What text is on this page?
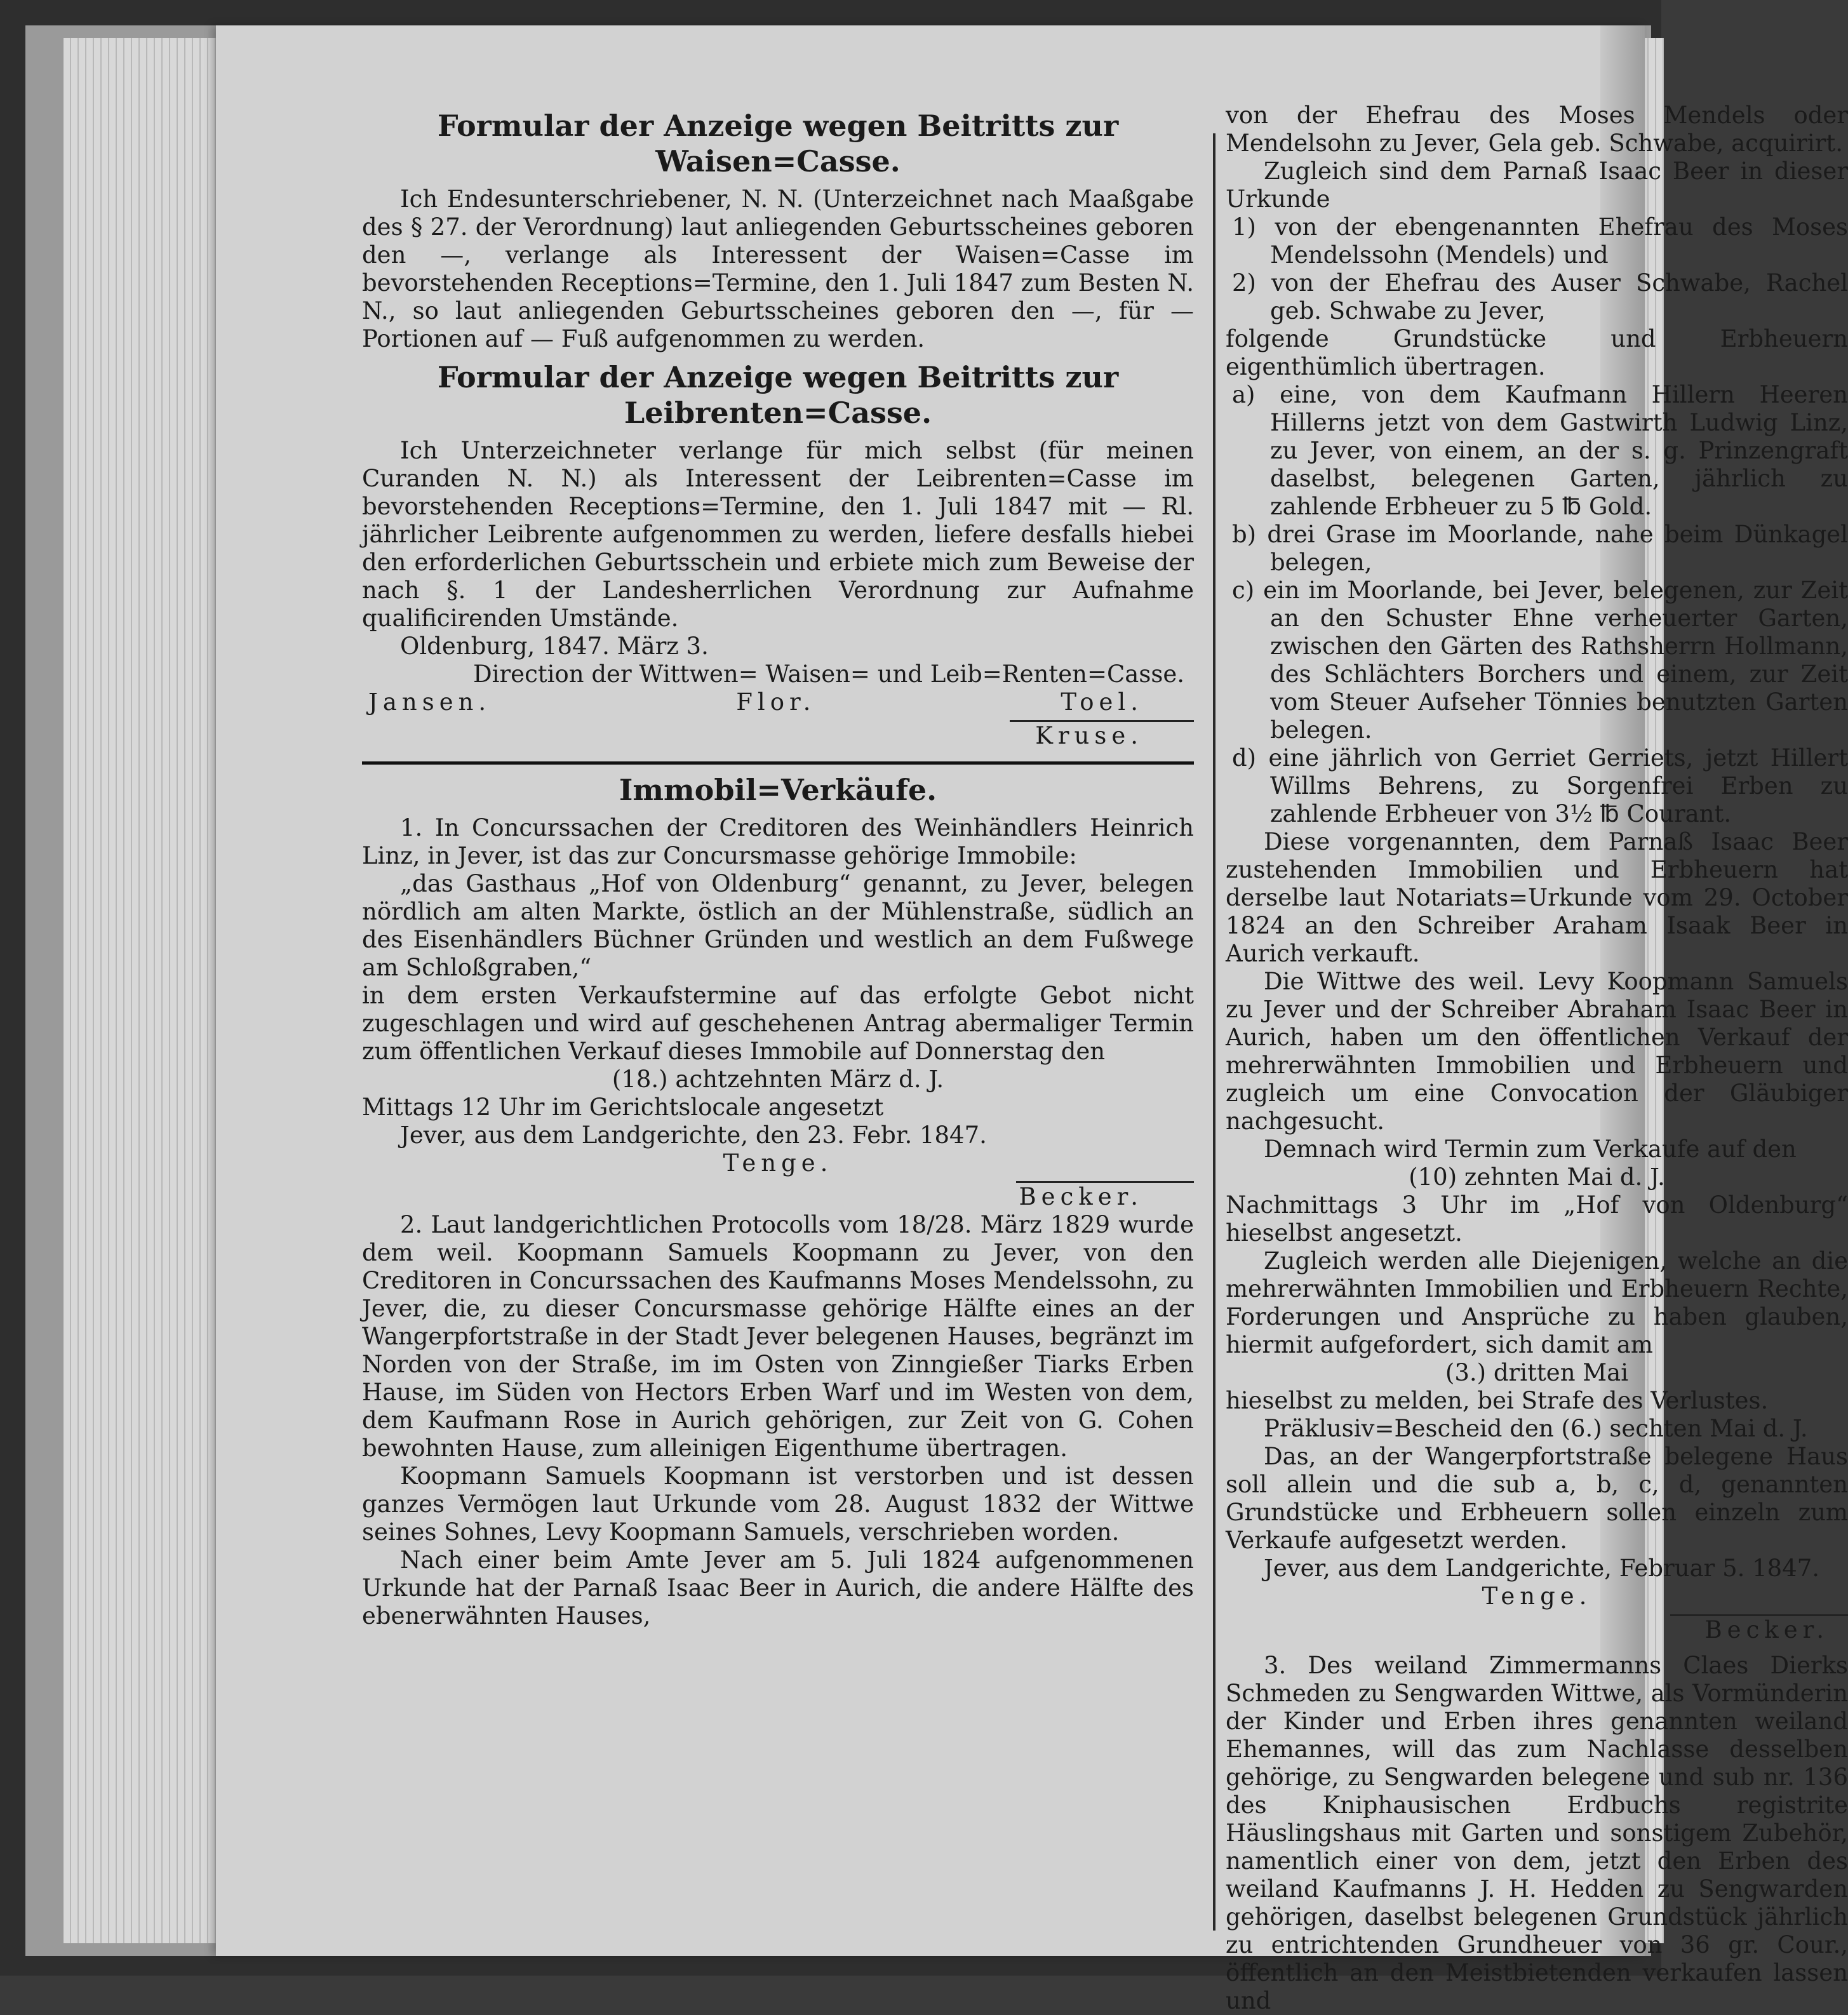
Formular der Anzeige wegen Beitritts zur Waisen=Casse.

Ich Endesunterschriebener, N. N. (Unterzeichnet nach Maaßgabe des § 27. der Verordnung) laut anliegenden Geburtsscheines geboren den —, verlange als Interessent der Waisen=Casse im bevorstehenden Receptions=Termine, den 1. Juli 1847 zum Besten N. N., so laut anliegenden Geburtsscheines geboren den —, für — Portionen auf — Fuß aufgenommen zu werden.

Formular der Anzeige wegen Beitritts zur Leibrenten=Casse.

Ich Unterzeichneter verlange für mich selbst (für meinen Curanden N. N.) als Interessent der Leibrenten=Casse im bevorstehenden Receptions=Termine, den 1. Juli 1847 mit — Rl. jährlicher Leibrente aufgenommen zu werden, liefere desfalls hiebei den erforderlichen Geburtsschein und erbiete mich zum Beweise der nach §. 1 der Landesherrlichen Verordnung zur Aufnahme qualificirenden Umstände.

Oldenburg, 1847. März 3.

Direction der Wittwen= Waisen= und Leib=Renten=Casse.

Jansen.	Flor.	Toel.

Kruse.

Immobil=Verkäufe.

1. In Concurssachen der Creditoren des Weinhändlers Heinrich Linz, in Jever, ist das zur Concursmasse gehörige Immobile:

„das Gasthaus „Hof von Oldenburg“ genannt, zu Jever, belegen nördlich am alten Markte, östlich an der Mühlenstraße, südlich an des Eisenhändlers Büchner Gründen und westlich an dem Fußwege am Schloßgraben,“

in dem ersten Verkaufstermine auf das erfolgte Gebot nicht zugeschlagen und wird auf geschehenen Antrag abermaliger Termin zum öffentlichen Verkauf dieses Immobile auf Donnerstag den

(18.) achtzehnten März d. J.

Mittags 12 Uhr im Gerichtslocale angesetzt

Jever, aus dem Landgerichte, den 23. Febr. 1847.

Tenge.

Becker.

2. Laut landgerichtlichen Protocolls vom 18/28. März 1829 wurde dem weil. Koopmann Samuels Koopmann zu Jever, von den Creditoren in Concurssachen des Kaufmanns Moses Mendelssohn, zu Jever, die, zu dieser Concursmasse gehörige Hälfte eines an der Wangerpfortstraße in der Stadt Jever belegenen Hauses, begränzt im Norden von der Straße, im im Osten von Zinngießer Tiarks Erben Hause, im Süden von Hectors Erben Warf und im Westen von dem, dem Kaufmann Rose in Aurich gehörigen, zur Zeit von G. Cohen bewohnten Hause, zum alleinigen Eigenthume übertragen.

Koopmann Samuels Koopmann ist verstorben und ist dessen ganzes Vermögen laut Urkunde vom 28. August 1832 der Wittwe seines Sohnes, Levy Koopmann Samuels, verschrieben worden.

Nach einer beim Amte Jever am 5. Juli 1824 aufgenommenen Urkunde hat der Parnaß Isaac Beer in Aurich, die andere Hälfte des ebenerwähnten Hauses,

von der Ehefrau des Moses Mendels oder Mendelsohn zu Jever, Gela geb. Schwabe, acquirirt.

Zugleich sind dem Parnaß Isaac Beer in dieser Urkunde

1) von der ebengenannten Ehefrau des Moses Mendelssohn (Mendels) und

2) von der Ehefrau des Auser Schwabe, Rachel geb. Schwabe zu Jever,

folgende Grundstücke und Erbheuern eigenthümlich übertragen.

a) eine, von dem Kaufmann Hillern Heeren Hillerns jetzt von dem Gastwirth Ludwig Linz, zu Jever, von einem, an der s. g. Prinzengraft daselbst, belegenen Garten, jährlich zu zahlende Erbheuer zu 5 ℔ Gold.

b) drei Grase im Moorlande, nahe beim Dünkagel belegen,

c) ein im Moorlande, bei Jever, belegenen, zur Zeit an den Schuster Ehne verheuerter Garten, zwischen den Gärten des Rathsherrn Hollmann, des Schlächters Borchers und einem, zur Zeit vom Steuer Aufseher Tönnies benutzten Garten belegen.

d) eine jährlich von Gerriet Gerriets, jetzt Hillert Willms Behrens, zu Sorgenfrei Erben zu zahlende Erbheuer von 3½ ℔ Courant.

Diese vorgenannten, dem Parnaß Isaac Beer zustehenden Immobilien und Erbheuern hat derselbe laut Notariats=Urkunde vom 29. October 1824 an den Schreiber Araham Isaak Beer in Aurich verkauft.

Die Wittwe des weil. Levy Koopmann Samuels zu Jever und der Schreiber Abraham Isaac Beer in Aurich, haben um den öffentlichen Verkauf der mehrerwähnten Immobilien und Erbheuern und zugleich um eine Convocation der Gläubiger nachgesucht.

Demnach wird Termin zum Verkaufe auf den

(10) zehnten Mai d. J.

Nachmittags 3 Uhr im „Hof von Oldenburg“ hieselbst angesetzt.

Zugleich werden alle Diejenigen, welche an die mehrerwähnten Immobilien und Erbheuern Rechte, Forderungen und Ansprüche zu haben glauben, hiermit aufgefordert, sich damit am

(3.) dritten Mai

hieselbst zu melden, bei Strafe des Verlustes.

Präklusiv=Bescheid den (6.) sechten Mai d. J.

Das, an der Wangerpfortstraße belegene Haus soll allein und die sub a, b, c, d, genannten Grundstücke und Erbheuern sollen einzeln zum Verkaufe aufgesetzt werden.

Jever, aus dem Landgerichte, Februar 5. 1847.

Tenge.

Becker.

3. Des weiland Zimmermanns Claes Dierks Schmeden zu Sengwarden Wittwe, als Vormünderin der Kinder und Erben ihres genannten weiland Ehemannes, will das zum Nachlasse desselben gehörige, zu Sengwarden belegene und sub nr. 136 des Kniphausischen Erdbuchs registrite Häuslingshaus mit Garten und sonstigem Zubehör, namentlich einer von dem, jetzt den Erben des weiland Kaufmanns J. H. Hedden zu Sengwarden gehörigen, daselbst belegenen Grundstück jährlich zu entrichtenden Grundheuer von 36 gr. Cour., öffentlich an den Meistbietenden verkaufen lassen und
